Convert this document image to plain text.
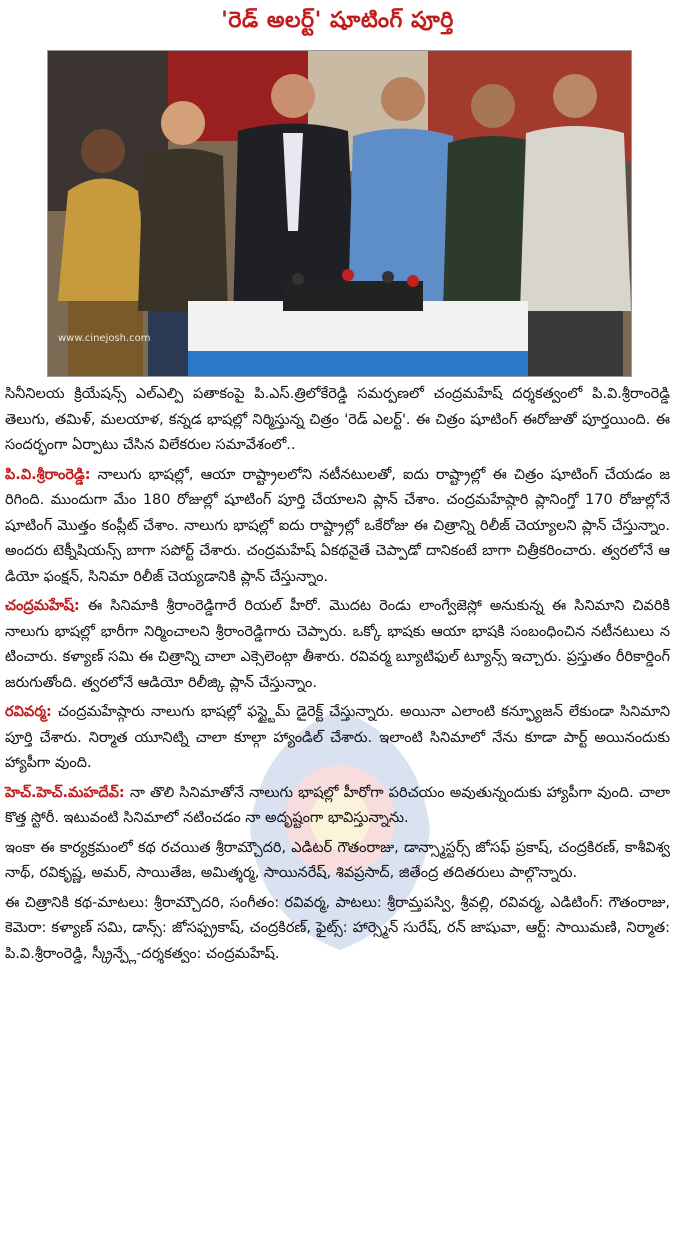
'రెడ్ అలర్ట్' షూటింగ్ పూర్తి
www.cinejosh.com

సినీనిలయ క్రియేషన్స్ ఎల్ఎల్పి పతాకంపై పి.ఎస్.త్రిలోకేరెడ్డి సమర్పణలో చంద్రమహేష్ దర్శకత్వంలో పి.వి.శ్రీరాంరెడ్డి తెలుగు, తమిళ్, మలయాళ, కన్నడ భాషల్లో నిర్మిస్తున్న చిత్రం 'రెడ్ ఎలర్ట్'. ఈ చిత్రం షూటింగ్ ఈరోజుతో పూర్తయింది. ఈ సందర్భంగా ఏర్పాటు చేసిన విలేకరుల సమావేశంలో..

పి.వి.శ్రీరాంరెడ్డి: నాలుగు భాషల్లో, ఆయా రాష్ట్రాలలోని నటీనటులతో, ఐదు రాష్ట్రాల్లో ఈ చిత్రం షూటింగ్ చేయడం జరిగింది. ముందుగా మేం 180 రోజుల్లో షూటింగ్ పూర్తి చేయాలని ప్లాన్ చేశాం. చంద్రమహేష్గారి ప్లానింగ్తో 170 రోజుల్లోనే షూటింగ్ మొత్తం కంప్లీట్ చేశాం. నాలుగు భాషల్లో ఐదు రాష్ట్రాల్లో ఒకేరోజు ఈ చిత్రాన్ని రిలీజ్ చెయ్యాలని ప్లాన్ చేస్తున్నాం. అందరు టెక్నీషియన్స్ బాగా సపోర్ట్ చేశారు. చంద్రమహేష్ ఏకథనైతే చెప్పాడో దానికంటే బాగా చిత్రీకరించారు. త్వరలోనే ఆడియో ఫంక్షన్, సినిమా రిలీజ్ చెయ్యడానికి ప్లాన్ చేస్తున్నాం.

చంద్రమహేష్: ఈ సినిమాకి శ్రీరాంరెడ్డిగారే రియల్ హీరో. మొదట రెండు లాంగ్వేజెస్లో అనుకున్న ఈ సినిమాని చివరికి నాలుగు భాషల్లో భారీగా నిర్మించాలని శ్రీరాంరెడ్డిగారు చెప్పారు. ఒక్కో భాషకు ఆయా భాషకి సంబంధించిన నటీనటులు నటించారు. కళ్యాణ్ సమి ఈ చిత్రాన్ని చాలా ఎక్సెలెంట్గా తీశారు. రవివర్మ బ్యూటిఫుల్ ట్యూన్స్ ఇచ్చారు. ప్రస్తుతం రీరికార్డింగ్ జరుగుతోంది. త్వరలోనే ఆడియో రిలీజ్కి ప్లాన్ చేస్తున్నాం.

రవివర్మ: చంద్రమహేష్గారు నాలుగు భాషల్లో ఫస్ట్టైమ్ డైరెక్ట్ చేస్తున్నారు. అయినా ఎలాంటి కన్ఫ్యూజన్ లేకుండా సినిమాని పూర్తి చేశారు. నిర్మాత యూనిట్ని చాలా కూల్గా హ్యాండిల్ చేశారు. ఇలాంటి సినిమాలో నేను కూడా పార్ట్ అయినందుకు హ్యాపీగా వుంది.

హెచ్.హెచ్.మహదేవ్: నా తొలి సినిమాతోనే నాలుగు భాషల్లో హీరోగా పరిచయం అవుతున్నందుకు హ్యాపీగా వుంది. చాలా కొత్త స్టోరీ. ఇటువంటి సినిమాలో నటించడం నా అదృష్టంగా భావిస్తున్నాను.

ఇంకా ఈ కార్యక్రమంలో కథ రచయిత శ్రీరామ్చౌదరి, ఎడిటర్ గౌతంరాజు, డాన్స్మాస్టర్స్ జోసఫ్ ప్రకాష్, చంద్రకిరణ్, కాశీవిశ్వనాథ్, రవికృష్ణ, అమర్, సాయితేజ, అమిత్శర్మ, సాయినరేష్, శివప్రసాద్, జితేంద్ర తదితరులు పాల్గొన్నారు.

ఈ చిత్రానికి కథ-మాటలు: శ్రీరామ్చౌదరి, సంగీతం: రవివర్మ, పాటలు: శ్రీరామ్తపస్వి, శ్రీవల్లి, రవివర్మ, ఎడిటింగ్: గౌతంరాజు, కెమెరా: కళ్యాణ్ సమి, డాన్స్: జోసఫ్ప్రకాష్, చంద్రకిరణ్, ఫైట్స్: హార్స్మెన్ సురేష్, రన్ జాషువా, ఆర్ట్: సాయిమణి, నిర్మాత: పి.వి.శ్రీరాంరెడ్డి, స్క్రీన్ప్లే-దర్శకత్వం: చంద్రమహేష్.
